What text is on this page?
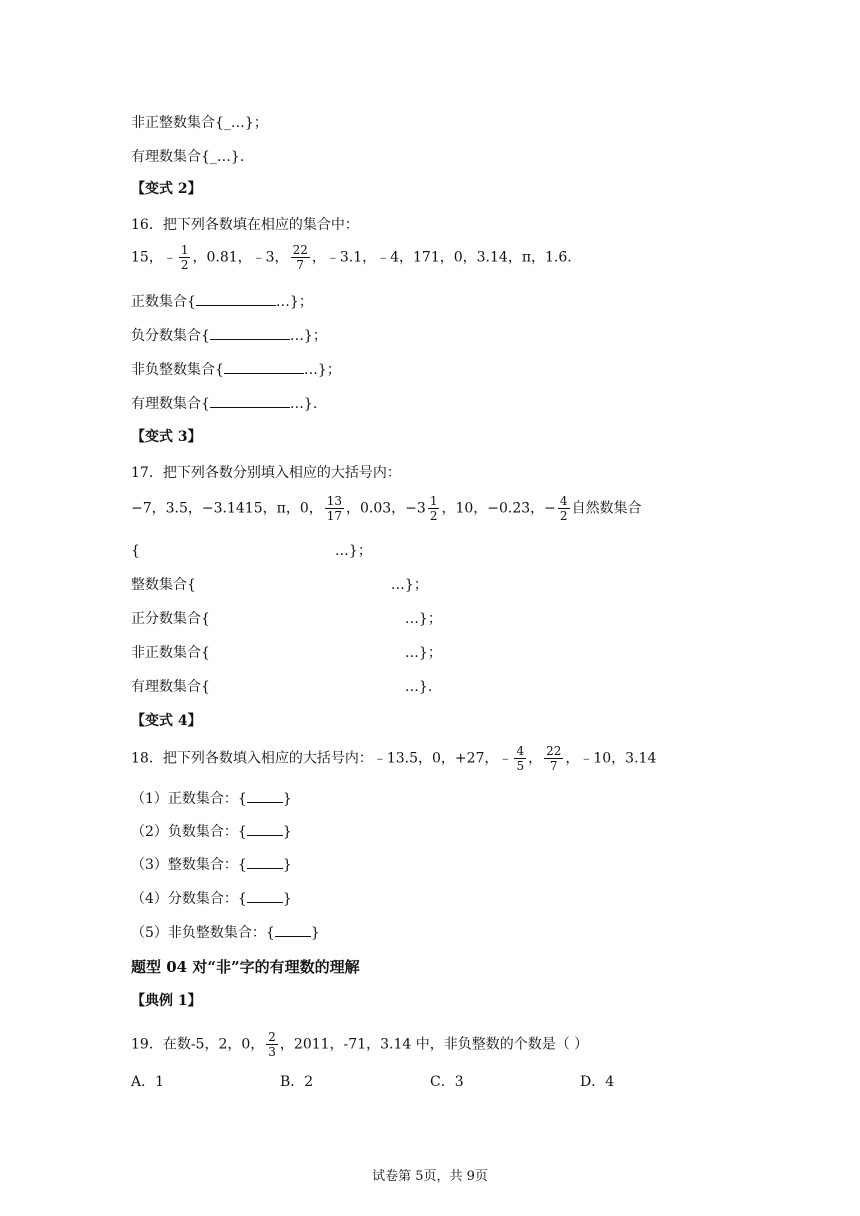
非正整数集合{_…}；
有理数集合{_…}.
【变式 2】
16．把下列各数填在相应的集合中：
15，﹣ $\frac{1}{2}$ ，0.81，﹣3， $\frac{22}{7}$ ，﹣3.1，﹣4，171，0，3.14，π，1.6̇.
正数集合{	…}；
负分数集合{	…}；
非负整数集合{	…}；
有理数集合{	…}.
【变式 3】
17．把下列各数分别填入相应的大括号内：
−7，3.5，−3.1415，π，0， $\frac{13}{17}$ ，0.03，$-3 \frac{1}{2}$ ，10，−0.2̇3̇，− $\frac{4}{2}$ 自然数集合
{	…}；
整数集合{	…}；
正分数集合{	…}；
非正数集合{	…}；
有理数集合{	…}.
【变式 4】
18．把下列各数填入相应的大括号内：﹣13.5，0，+27，﹣ $\frac{4}{5}$ ， $\frac{22}{7}$ ，﹣10，3.14
（1）正数集合：{	}
（2）负数集合：{	}
（3）整数集合：{	}
（4）分数集合：{	}
（5）非负整数集合：{	}
题型 04 对“非”字的有理数的理解
【典例 1】
19．在数-5，2，0， $\frac{2}{3}$ ，2011，-71，3.14 中，非负整数的个数是（ ）
A．1	B．2	C．3	D．4
试卷第 5页，共 9页
